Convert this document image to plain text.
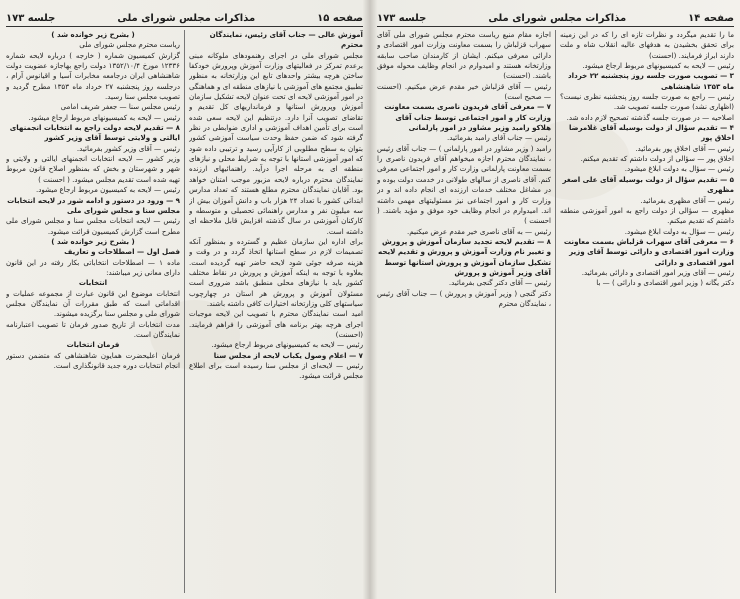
صفحه ۱۵
مذاکرات مجلس شورای ملی
جلسه ۱۷۳

آموزش عالی — جناب آقای رئیس، نمایندگان محترم

مجلس شورای ملی در اجرای رهنمودهای ملوکانه مبنی برعدم تمرکز در فعالیتهای وزارت آموزش وپرورش خودکفا ساختن هرچه بیشتر واحدهای تابع این وزارتخانه به منظور تطبیق مجتمع های آموزشی با نیازهای منطقه ای و هماهنگی در امور آموزشی لایحه ای تحت عنوان لایحه تشکیل سازمان آموزش وپرورش استانها و فرمانداریهای کل تقدیم و تقاضای تصویب آنرا دارد. درتنظیم این لایحه سعی شده است برای تأمین اهداف آموزشی و اداری ضوابطی در نظر گرفته شود که ضمن حفظ وحدت سیاست آموزشی کشور بتوان به سطح مطلوبی از کارآیی رسید و ترتیبی داده شود که امور آموزشی استانها با توجه به شرایط محلی و نیازهای منطقه ای به مرحله اجرا درآید. راهنمائیهای ارزنده نمایندگان محترم درباره لایحه مزبور موجب امتنان خواهد بود. آقایان نمایندگان محترم مطلع هستند که تعداد مدارس ابتدائی کشور با تعداد ۲۴ هزار باب و دانش آموزان بیش از سه میلیون نفر و مدارس راهنمائی تحصیلی و متوسطه و کارکنان آموزشی در سال گذشته افزایش قابل ملاحظه ای داشته است.

برای اداره این سازمان عظیم و گسترده و بمنظور آنکه تصمیمات لازم در سطح استانها اتخاذ گردد و در وقت و هزینه صرفه جوئی شود لایحه حاضر تهیه گردیده است. بعلاوه با توجه به اینکه آموزش و پرورش در نقاط مختلف کشور باید با نیازهای محلی منطبق باشد ضروری است مسئولان آموزش و پرورش هر استان در چهارچوب سیاستهای کلی وزارتخانه اختیارات کافی داشته باشند.

امید است نمایندگان محترم با تصویب این لایحه موجبات اجرای هرچه بهتر برنامه های آموزشی را فراهم فرمایند. (احسنت)

رئیس — لایحه به کمیسیونهای مربوط ارجاع میشود.

۷ — اعلام وصول یکباب لایحه از مجلس سنا

رئیس — لایحه‌ای از مجلس سنا رسیده است برای اطلاع مجلس قرائت میشود.

( بشرح زیر خوانده شد )

ریاست محترم مجلس شورای ملی

گزارش کمیسیون شماره ( خارجه ) درباره لایحه شماره ۱۲۳۳۶ مورخ ۱۳۵۲/۱۰/۴ دولت راجع بهاجازه عضویت دولت شاهنشاهی ایران درجامعه مخابرات آسیا و اقیانوس آرام ، درجلسه روز پنجشنبه ۲۷ خرداد ماه ۱۳۵۳ مطرح گردید و تصویب مجلس سنا رسید.

رئیس مجلس سنا — جعفر شریف امامی

رئیس — لایحه به کمیسیونهای مربوط ارجاع میشود.

۸ — تقدیم لایحه دولت راجع به انتخابات انجمنهای ایالتی و ولایتی توسط آقای وزیر کشور

رئیس — آقای وزیر کشور بفرمائید.

وزیر کشور — لایحه انتخابات انجمنهای ایالتی و ولایتی و شهر و شهرستان و بخش که بمنظور اصلاح قانون مربوط تهیه شده است تقدیم مجلس میشود. ( احسنت )

رئیس — لایحه به کمیسیون مربوط ارجاع میشود.

۹ — ورود در دستور و ادامه شور در لایحه انتخابات مجلس سنا و مجلس شورای ملی

رئیس — لایحه انتخابات مجلس سنا و مجلس شورای ملی مطرح است گزارش کمیسیون قرائت میشود.

( بشرح زیر خوانده شد )

فصل اول — اصطلاحات و تعاریف

ماده ۱ — اصطلاحات انتخاباتی بکار رفته در این قانون دارای معانی زیر میباشند:

انتخابات

انتخابات موضوع این قانون عبارت از مجموعه عملیات و اقداماتی است که طبق مقررات آن نمایندگان مجلس شورای ملی و مجلس سنا برگزیده میشوند.

مدت انتخابات از تاریخ صدور فرمان تا تصویب اعتبارنامه نمایندگان است.

فرمان انتخابات

فرمان اعلیحضرت همایون شاهنشاهی که متضمن دستور انجام انتخابات دوره جدید قانونگذاری است.

صفحه ۱۴
مذاکرات مجلس شورای ملی
جلسه ۱۷۳

ما را تقدیم میگردد و نظرات تازه ای را که در این زمینه برای تحقق بخشیدن به هدفهای عالیه انقلاب شاه و ملت دارند ابراز فرمایند. (احسنت)

رئیس — لایحه به کمیسیونهای مربوط ارجاع میشود.

۳ — تصویب صورت جلسه روز پنجشنبه ۲۲ خرداد ماه ۱۳۵۳ شاهنشاهی

رئیس — راجع به صورت جلسه روز پنجشنبه نظری نیست؟ (اظهاری نشد) صورت جلسه تصویب شد.

اصلاحیه — در صورت جلسه گذشته تصحیح لازم داده شد.

۴ — تقدیم سؤال از دولت بوسیله آقای غلامرضا اخلاق پور

رئیس — آقای اخلاق پور بفرمائید.

اخلاق پور — سؤالی از دولت داشتم که تقدیم میکنم.

رئیس — سؤال به دولت ابلاغ میشود.

۵ — تقدیم سؤال از دولت بوسیله آقای علی اصغر مظهری

رئیس — آقای مظهری بفرمائید.

مظهری — سؤالی از دولت راجع به امور آموزشی منطقه داشتم که تقدیم میکنم.

رئیس — سؤال به دولت ابلاغ میشود.

۶ — معرفی آقای سهراب قزلباش بسمت معاونت وزارت امور اقتصادی و دارائی توسط آقای وزیر امور اقتصادی و دارائی

رئیس — آقای وزیر امور اقتصادی و دارائی بفرمائید.

دکتر یگانه ( وزیر امور اقتصادی و دارائی ) — با

اجازه مقام منیع ریاست محترم مجلس شورای ملی آقای سهراب قزلباش را بسمت معاونت وزارت امور اقتصادی و دارائی معرفی میکنم. ایشان از کارمندان صاحب سابقه وزارتخانه هستند و امیدوارم در انجام وظایف محوله موفق باشند. (احسنت)

رئیس — آقای قزلباش خیر مقدم عرض میکنیم. (احسنت — صحیح است)

۷ — معرفی آقای فریدون ناصری بسمت معاونت وزارت کار و امور اجتماعی توسط جناب آقای هلاکو رامبد وزیر مشاور در امور پارلمانی

رئیس — جناب آقای رامبد بفرمائید.

رامبد ( وزیر مشاور در امور پارلمانی ) — جناب آقای رئیس ، نمایندگان محترم اجازه میخواهم آقای فریدون ناصری را بسمت معاونت پارلمانی وزارت کار و امور اجتماعی معرفی کنم. آقای ناصری از سالهای طولانی در خدمت دولت بوده و در مشاغل مختلف خدمات ارزنده ای انجام داده اند و در وزارت کار و امور اجتماعی نیز مسئولیتهای مهمی داشته اند. امیدوارم در انجام وظایف خود موفق و مؤید باشند. ( احسنت )

رئیس — به آقای ناصری خیر مقدم عرض میکنیم.

۸ — تقدیم لایحه تجدید سازمان آموزش و پرورش و تغییر نام وزارت آموزش و پرورش و تقدیم لایحه تشکیل سازمان آموزش و پرورش استانها توسط آقای وزیر آموزش و پرورش

رئیس — آقای دکتر گنجی بفرمائید.

دکتر گنجی ( وزیر آموزش و پرورش ) — جناب آقای رئیس ، نمایندگان محترم
